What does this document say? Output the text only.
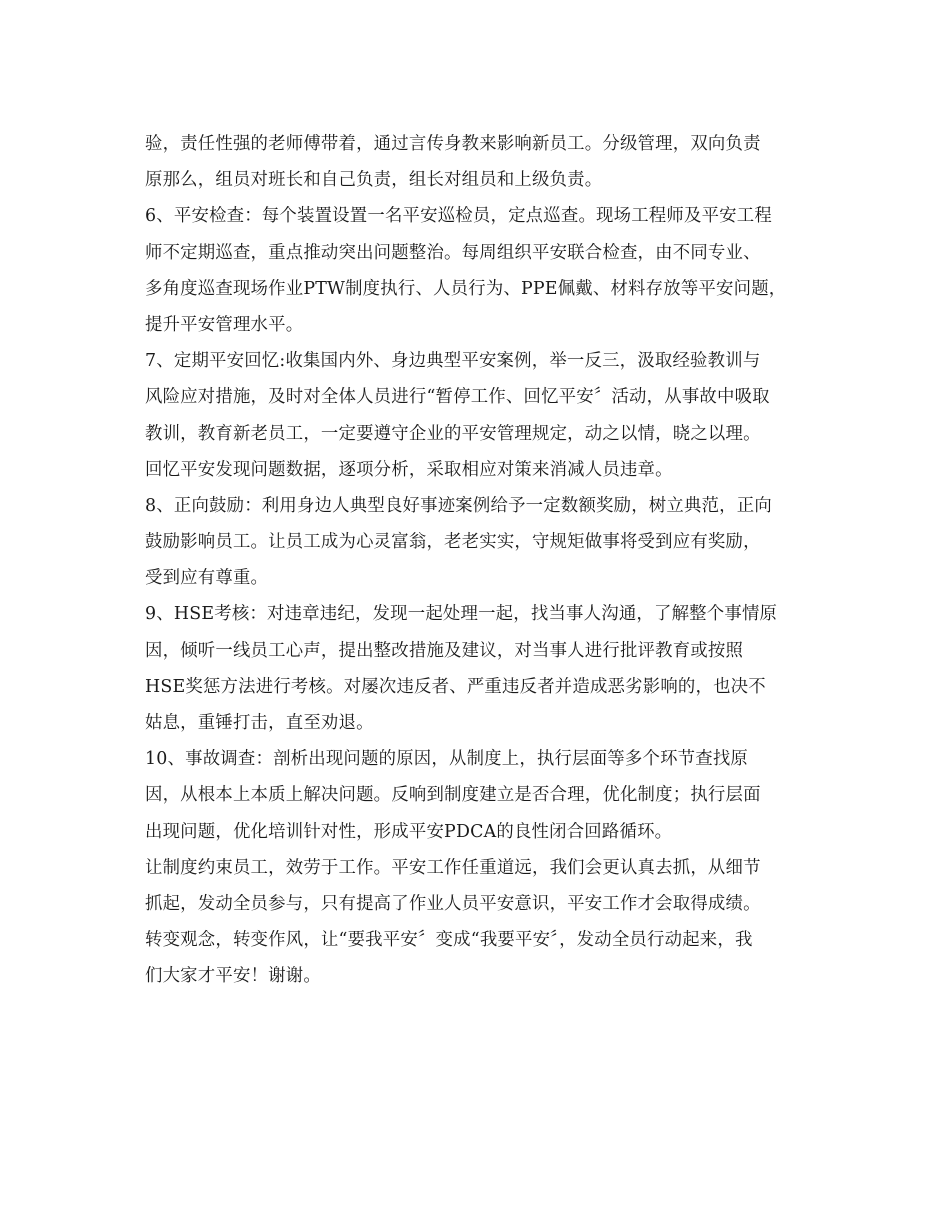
验，责任性强的老师傅带着，通过言传身教来影响新员工。分级管理，双向负责
原那么，组员对班长和自己负责，组长对组员和上级负责。
6、平安检查：每个装置设置一名平安巡检员，定点巡查。现场工程师及平安工程
师不定期巡查，重点推动突出问题整治。每周组织平安联合检查，由不同专业、
多角度巡查现场作业PTW制度执行、人员行为、PPE佩戴、材料存放等平安问题，
提升平安管理水平。
7、定期平安回忆:收集国内外、身边典型平安案例，举一反三，汲取经验教训与
风险应对措施，及时对全体人员进行“暂停工作、回忆平安〞活动，从事故中吸取
教训，教育新老员工，一定要遵守企业的平安管理规定，动之以情，晓之以理。
回忆平安发现问题数据，逐项分析，采取相应对策来消减人员违章。
8、正向鼓励：利用身边人典型良好事迹案例给予一定数额奖励，树立典范，正向
鼓励影响员工。让员工成为心灵富翁，老老实实，守规矩做事将受到应有奖励，
受到应有尊重。
9、HSE考核：对违章违纪，发现一起处理一起，找当事人沟通，了解整个事情原
因，倾听一线员工心声，提出整改措施及建议，对当事人进行批评教育或按照
HSE奖惩方法进行考核。对屡次违反者、严重违反者并造成恶劣影响的，也决不
姑息，重锤打击，直至劝退。
10、事故调查：剖析出现问题的原因，从制度上，执行层面等多个环节查找原
因，从根本上本质上解决问题。反响到制度建立是否合理，优化制度；执行层面
出现问题，优化培训针对性，形成平安PDCA的良性闭合回路循环。
让制度约束员工，效劳于工作。平安工作任重道远，我们会更认真去抓，从细节
抓起，发动全员参与，只有提高了作业人员平安意识，平安工作才会取得成绩。
转变观念，转变作风，让“要我平安〞变成“我要平安〞，发动全员行动起来，我
们大家才平安！谢谢。
